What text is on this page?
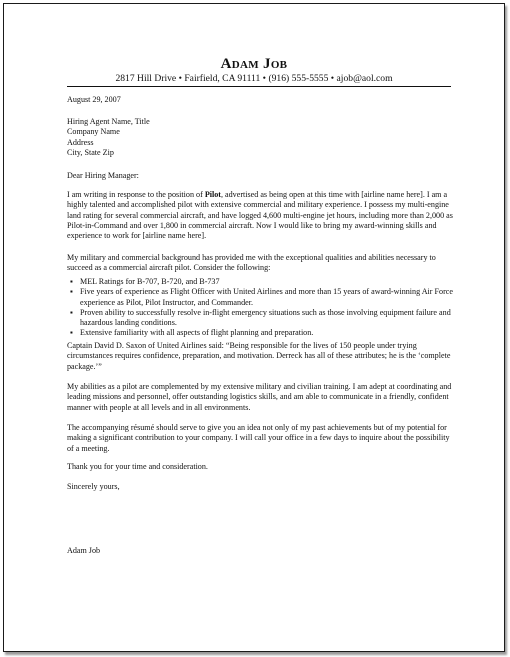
Adam Job
2817 Hill Drive • Fairfield, CA 91111 • (916) 555-5555 • ajob@aol.com
August 29, 2007

Hiring Agent Name, Title

Company Name

Address

City, State Zip

Dear Hiring Manager:
I am writing in response to the position of Pilot, advertised as being open at this time with [airline name here]. I am a highly talented and accomplished pilot with extensive commercial and military experience. I possess my multi-engine land rating for several commercial aircraft, and have logged 4,600 multi-engine jet hours, including more than 2,000 as Pilot-in-Command and over 1,800 in commercial aircraft. Now I would like to bring my award-winning skills and experience to work for [airline name here].
My military and commercial background has provided me with the exceptional qualities and abilities necessary to succeed as a commercial aircraft pilot. Consider the following:
▪ MEL Ratings for B-707, B-720, and B-737
▪ Five years of experience as Flight Officer with United Airlines and more than 15 years of award-winning Air Force experience as Pilot, Pilot Instructor, and Commander.
▪ Proven ability to successfully resolve in-flight emergency situations such as those involving equipment failure and hazardous landing conditions.
▪ Extensive familiarity with all aspects of flight planning and preparation.
Captain David D. Saxon of United Airlines said: “Being responsible for the lives of 150 people under trying circumstances requires confidence, preparation, and motivation. Derreck has all of these attributes; he is the ‘complete package.’”
My abilities as a pilot are complemented by my extensive military and civilian training. I am adept at coordinating and leading missions and personnel, offer outstanding logistics skills, and am able to communicate in a friendly, confident manner with people at all levels and in all environments.
The accompanying résumé should serve to give you an idea not only of my past achievements but of my potential for making a significant contribution to your company. I will call your office in a few days to inquire about the possibility of a meeting.
Thank you for your time and consideration.
Sincerely yours,
Adam Job
